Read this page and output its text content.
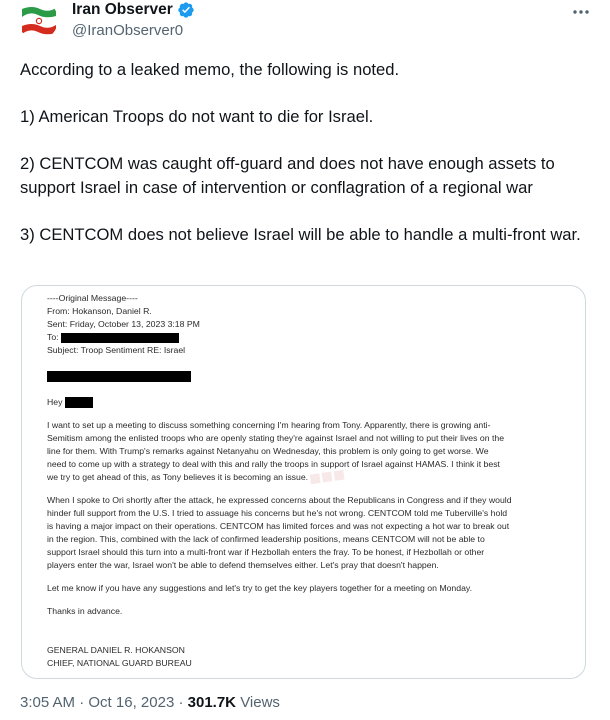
Iran Observer
@IranObserver0

According to a leaked memo, the following is noted.

1) American Troops do not want to die for Israel.

2) CENTCOM was caught off-guard and does not have enough assets to support Israel in case of intervention or conflagration of a regional war

3) CENTCOM does not believe Israel will be able to handle a multi-front war.

----Original Message----
From: Hokanson, Daniel R.
Sent: Friday, October 13, 2023 3:18 PM
To:
Subject: Troop Sentiment RE: Israel
Hey

I want to set up a meeting to discuss something concerning I'm hearing from Tony. Apparently, there is growing anti-

Semitism among the enlisted troops who are openly stating they're against Israel and not willing to put their lives on the

line for them. With Trump's remarks against Netanyahu on Wednesday, this problem is only going to get worse. We

need to come up with a strategy to deal with this and rally the troops in support of Israel against HAMAS. I think it best

we try to get ahead of this, as Tony believes it is becoming an issue.

When I spoke to Ori shortly after the attack, he expressed concerns about the Republicans in Congress and if they would

hinder full support from the U.S. I tried to assuage his concerns but he's not wrong. CENTCOM told me Tuberville's hold

is having a major impact on their operations. CENTCOM has limited forces and was not expecting a hot war to break out

in the region. This, combined with the lack of confirmed leadership positions, means CENTCOM will not be able to

support Israel should this turn into a multi-front war if Hezbollah enters the fray. To be honest, if Hezbollah or other

players enter the war, Israel won't be able to defend themselves either. Let's pray that doesn't happen.

Let me know if you have any suggestions and let's try to get the key players together for a meeting on Monday.

Thanks in advance.

GENERAL DANIEL R. HOKANSON

CHIEF, NATIONAL GUARD BUREAU

■■■
3:05 AM · Oct 16, 2023 · 301.7K Views
